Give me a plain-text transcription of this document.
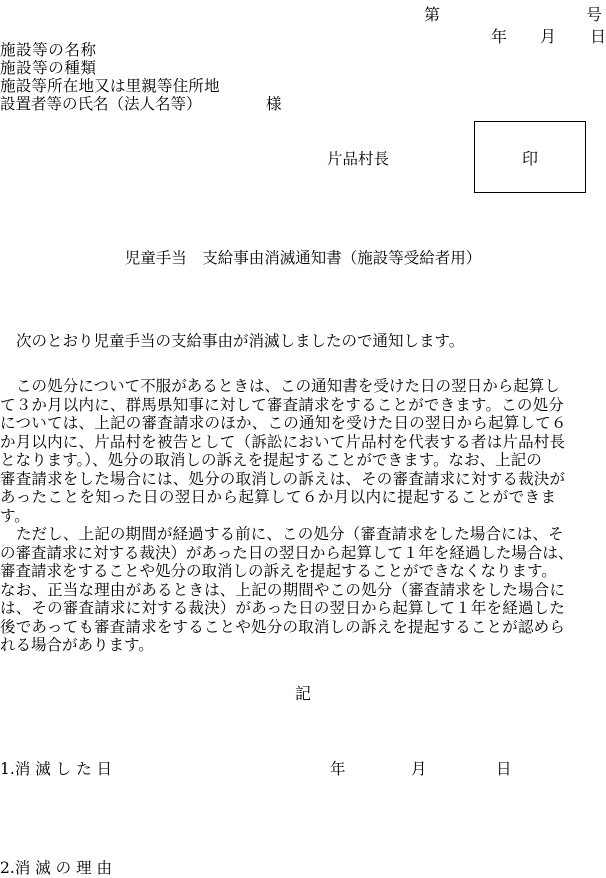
第	号
年 月 日
施設等の名称
施設等の種類
施設等所在地又は里親等住所地
設置者等の氏名（法人名等）	様
片品村長	印
児童手当　支給事由消滅通知書（施設等受給者用）
次のとおり児童手当の支給事由が消滅しましたので通知します。
この処分について不服があるときは、この通知書を受けた日の翌日から起算し
て３か月以内に、群馬県知事に対して審査請求をすることができます。この処分
については、上記の審査請求のほか、この通知を受けた日の翌日から起算して６
か月以内に、片品村を被告として（訴訟において片品村を代表する者は片品村長
となります。）、処分の取消しの訴えを提起することができます。なお、上記の
審査請求をした場合には、処分の取消しの訴えは、その審査請求に対する裁決が
あったことを知った日の翌日から起算して６か月以内に提起することができま
す。
ただし、上記の期間が経過する前に、この処分（審査請求をした場合には、そ
の審査請求に対する裁決）があった日の翌日から起算して１年を経過した場合は、
審査請求をすることや処分の取消しの訴えを提起することができなくなります。
なお、正当な理由があるときは、上記の期間やこの処分（審査請求をした場合に
は、その審査請求に対する裁決）があった日の翌日から起算して１年を経過した
後であっても審査請求をすることや処分の取消しの訴えを提起することが認めら
れる場合があります。
記
1.消 滅 し た 日	年	月	日
2.消 滅 の 理 由
